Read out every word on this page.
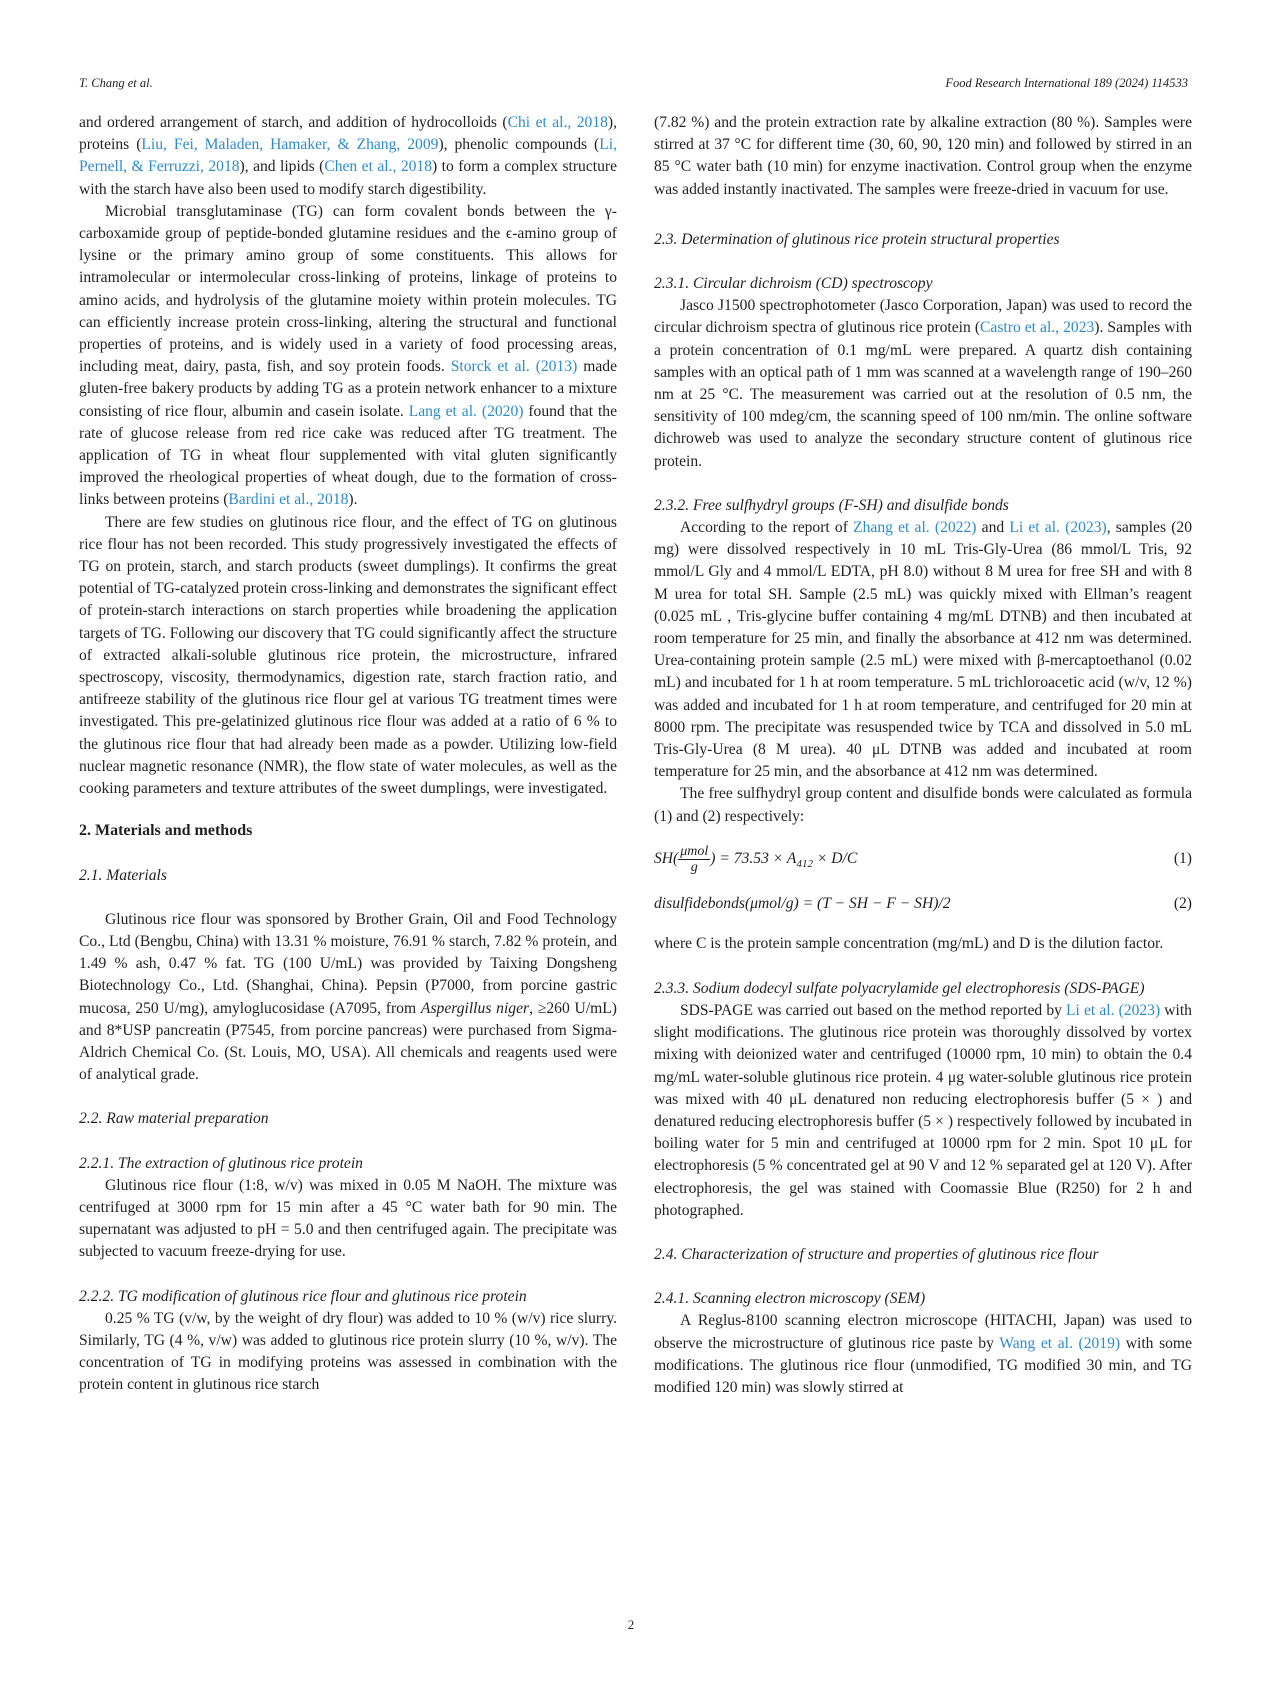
T. Chang et al.	Food Research International 189 (2024) 114533

and ordered arrangement of starch, and addition of hydrocolloids (Chi et al., 2018), proteins (Liu, Fei, Maladen, Hamaker, & Zhang, 2009), phenolic compounds (Li, Pernell, & Ferruzzi, 2018), and lipids (Chen et al., 2018) to form a complex structure with the starch have also been used to modify starch digestibility.

Microbial transglutaminase (TG) can form covalent bonds between the γ- carboxamide group of peptide-bonded glutamine residues and the ϵ-amino group of lysine or the primary amino group of some constituents. This allows for intramolecular or intermolecular cross-linking of proteins, linkage of proteins to amino acids, and hydrolysis of the glutamine moiety within protein molecules. TG can efficiently increase protein cross-linking, altering the structural and functional properties of proteins, and is widely used in a variety of food processing areas, including meat, dairy, pasta, fish, and soy protein foods. Storck et al. (2013) made gluten-free bakery products by adding TG as a protein network enhancer to a mixture consisting of rice flour, albumin and casein isolate. Lang et al. (2020) found that the rate of glucose release from red rice cake was reduced after TG treatment. The application of TG in wheat flour supplemented with vital gluten significantly improved the rheological properties of wheat dough, due to the formation of cross-links between proteins (Bardini et al., 2018).

There are few studies on glutinous rice flour, and the effect of TG on glutinous rice flour has not been recorded. This study progressively investigated the effects of TG on protein, starch, and starch products (sweet dumplings). It confirms the great potential of TG-catalyzed protein cross-linking and demonstrates the significant effect of protein-starch interactions on starch properties while broadening the application targets of TG. Following our discovery that TG could significantly affect the structure of extracted alkali-soluble glutinous rice protein, the microstructure, infrared spectroscopy, viscosity, thermodynamics, digestion rate, starch fraction ratio, and antifreeze stability of the glutinous rice flour gel at various TG treatment times were investigated. This pre-gelatinized glutinous rice flour was added at a ratio of 6 % to the glutinous rice flour that had already been made as a powder. Utilizing low-field nuclear magnetic resonance (NMR), the flow state of water molecules, as well as the cooking parameters and texture attributes of the sweet dumplings, were investigated.

2. Materials and methods
2.1. Materials

Glutinous rice flour was sponsored by Brother Grain, Oil and Food Technology Co., Ltd (Bengbu, China) with 13.31 % moisture, 76.91 % starch, 7.82 % protein, and 1.49 % ash, 0.47 % fat. TG (100 U/mL) was provided by Taixing Dongsheng Biotechnology Co., Ltd. (Shanghai, China). Pepsin (P7000, from porcine gastric mucosa, 250 U/mg), amyloglucosidase (A7095, from Aspergillus niger, ≥260 U/mL) and 8*USP pancreatin (P7545, from porcine pancreas) were purchased from Sigma-Aldrich Chemical Co. (St. Louis, MO, USA). All chemicals and reagents used were of analytical grade.

2.2. Raw material preparation
2.2.1. The extraction of glutinous rice protein

Glutinous rice flour (1:8, w/v) was mixed in 0.05 M NaOH. The mixture was centrifuged at 3000 rpm for 15 min after a 45 °C water bath for 90 min. The supernatant was adjusted to pH = 5.0 and then centrifuged again. The precipitate was subjected to vacuum freeze-drying for use.

2.2.2. TG modification of glutinous rice flour and glutinous rice protein

0.25 % TG (v/w, by the weight of dry flour) was added to 10 % (w/v) rice slurry. Similarly, TG (4 %, v/w) was added to glutinous rice protein slurry (10 %, w/v). The concentration of TG in modifying proteins was assessed in combination with the protein content in glutinous rice starch

(7.82 %) and the protein extraction rate by alkaline extraction (80 %). Samples were stirred at 37 °C for different time (30, 60, 90, 120 min) and followed by stirred in an 85 °C water bath (10 min) for enzyme inactivation. Control group when the enzyme was added instantly inactivated. The samples were freeze-dried in vacuum for use.

2.3. Determination of glutinous rice protein structural properties
2.3.1. Circular dichroism (CD) spectroscopy

Jasco J1500 spectrophotometer (Jasco Corporation, Japan) was used to record the circular dichroism spectra of glutinous rice protein (Castro et al., 2023). Samples with a protein concentration of 0.1 mg/mL were prepared. A quartz dish containing samples with an optical path of 1 mm was scanned at a wavelength range of 190–260 nm at 25 °C. The measurement was carried out at the resolution of 0.5 nm, the sensitivity of 100 mdeg/cm, the scanning speed of 100 nm/min. The online software dichroweb was used to analyze the secondary structure content of glutinous rice protein.

2.3.2. Free sulfhydryl groups (F-SH) and disulfide bonds

According to the report of Zhang et al. (2022) and Li et al. (2023), samples (20 mg) were dissolved respectively in 10 mL Tris-Gly-Urea (86 mmol/L Tris, 92 mmol/L Gly and 4 mmol/L EDTA, pH 8.0) without 8 M urea for free SH and with 8 M urea for total SH. Sample (2.5 mL) was quickly mixed with Ellman’s reagent (0.025 mL , Tris-glycine buffer containing 4 mg/mL DTNB) and then incubated at room temperature for 25 min, and finally the absorbance at 412 nm was determined. Urea-containing protein sample (2.5 mL) were mixed with β-mercaptoethanol (0.02 mL) and incubated for 1 h at room temperature. 5 mL trichloroacetic acid (w/v, 12 %) was added and incubated for 1 h at room temperature, and centrifuged for 20 min at 8000 rpm. The precipitate was resuspended twice by TCA and dissolved in 5.0 mL Tris-Gly-Urea (8 M urea). 40 μL DTNB was added and incubated at room temperature for 25 min, and the absorbance at 412 nm was determined.

The free sulfhydryl group content and disulfide bonds were calculated as formula (1) and (2) respectively:

$SH( \frac{\text{μmol}}{g}$ ) = $73.53 \times A_{412} \times D/C$	(1)
disulfidebonds(μmol/g) = (T − SH − F − SH)/2	(2)

where C is the protein sample concentration (mg/mL) and D is the dilution factor.

2.3.3. Sodium dodecyl sulfate polyacrylamide gel electrophoresis (SDS-PAGE)

SDS-PAGE was carried out based on the method reported by Li et al. (2023) with slight modifications. The glutinous rice protein was thoroughly dissolved by vortex mixing with deionized water and centrifuged (10000 rpm, 10 min) to obtain the 0.4 mg/mL water-soluble glutinous rice protein. 4 μg water-soluble glutinous rice protein was mixed with 40 μL denatured non reducing electrophoresis buffer (5 × ) and denatured reducing electrophoresis buffer (5 × ) respectively followed by incubated in boiling water for 5 min and centrifuged at 10000 rpm for 2 min. Spot 10 μL for electrophoresis (5 % concentrated gel at 90 V and 12 % separated gel at 120 V). After electrophoresis, the gel was stained with Coomassie Blue (R250) for 2 h and photographed.

2.4. Characterization of structure and properties of glutinous rice flour
2.4.1. Scanning electron microscopy (SEM)

A Reglus-8100 scanning electron microscope (HITACHI, Japan) was used to observe the microstructure of glutinous rice paste by Wang et al. (2019) with some modifications. The glutinous rice flour (unmodified, TG modified 30 min, and TG modified 120 min) was slowly stirred at

2
